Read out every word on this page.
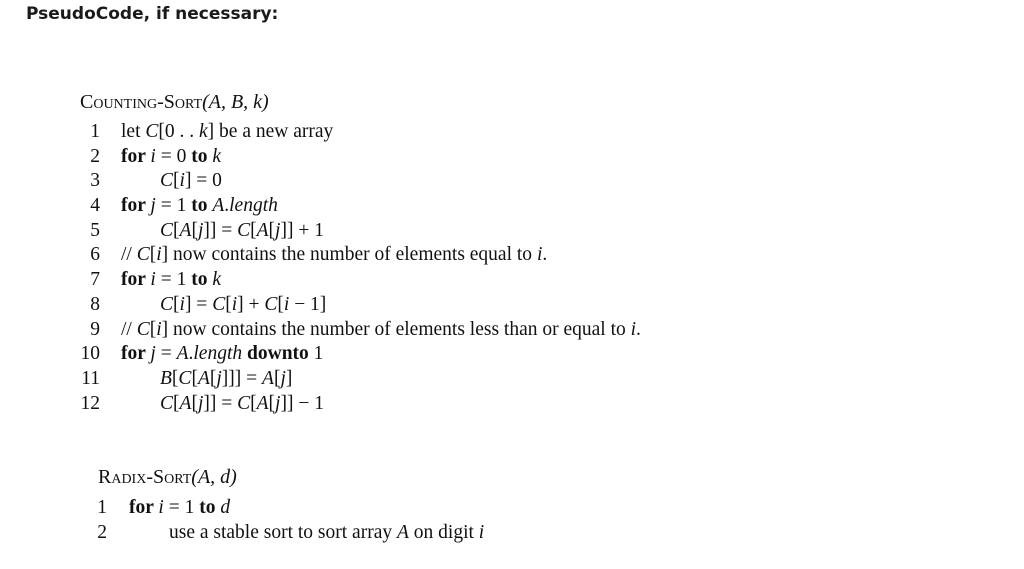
PseudoCode, if necessary:
Counting-Sort(A, B, k)
1 let C[0 . . k] be a new array
2 for i = 0 to k
3	C[i] = 0
4 for j = 1 to A.length
5	C[A[j]] = C[A[j]] + 1
6 // C[i] now contains the number of elements equal to i.
7 for i = 1 to k
8	C[i] = C[i] + C[i − 1]
9 // C[i] now contains the number of elements less than or equal to i.
10 for j = A.length downto 1
11	B[C[A[j]]] = A[j]
12	C[A[j]] = C[A[j]] − 1
Radix-Sort(A, d)
1 for i = 1 to d
2	use a stable sort to sort array A on digit i
